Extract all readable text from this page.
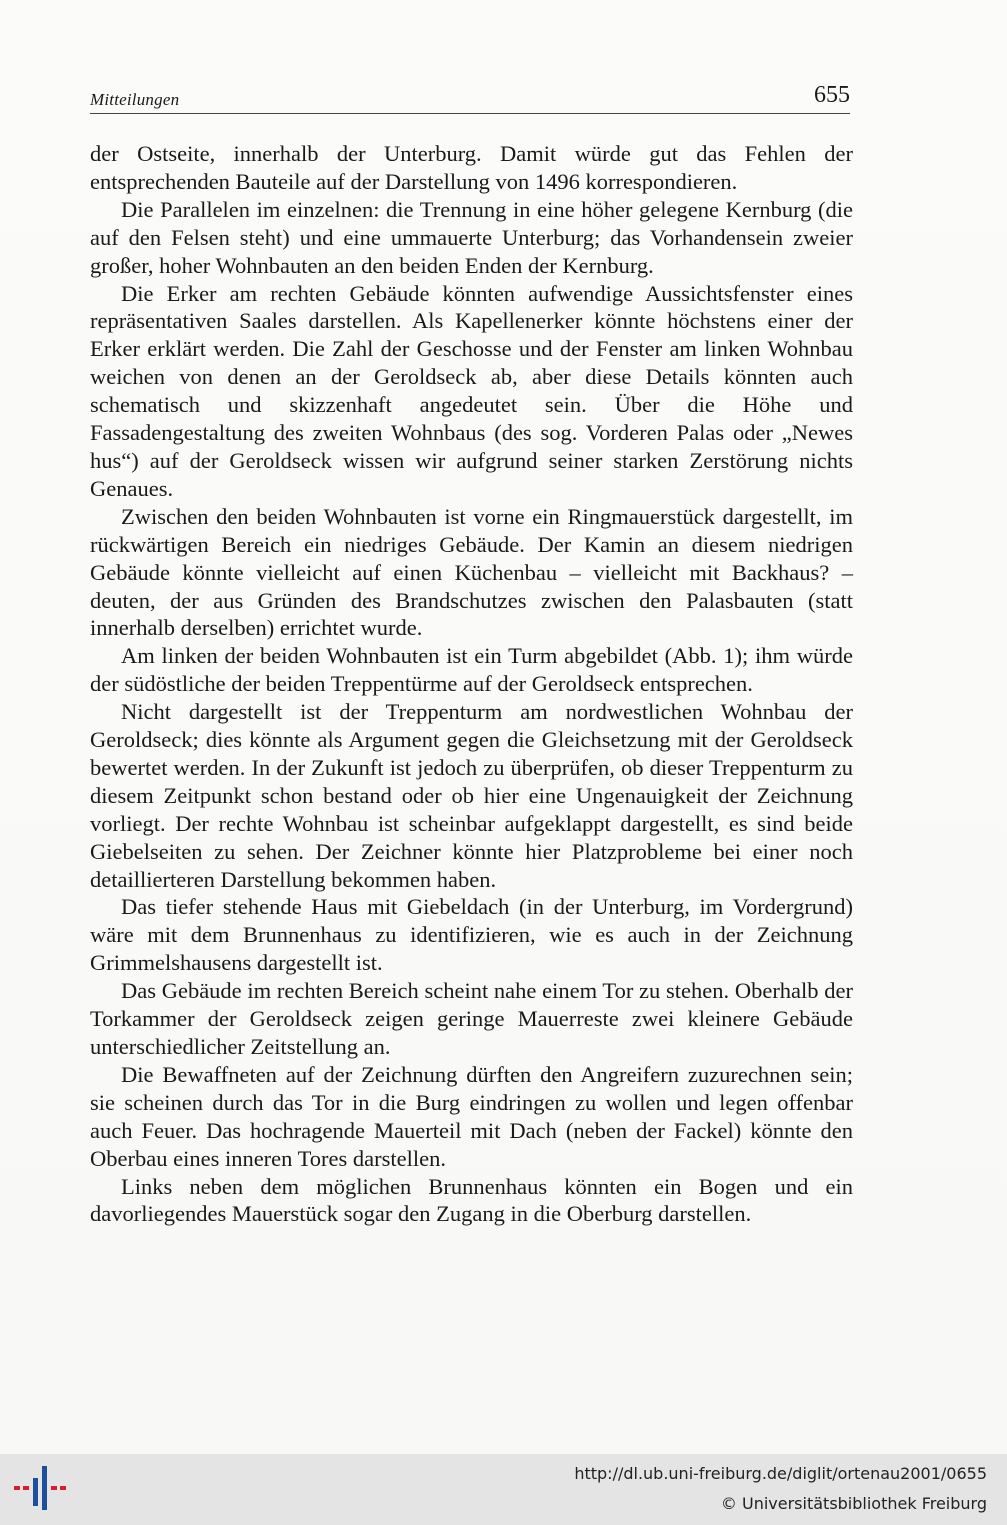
Mitteilungen	655

der Ostseite, innerhalb der Unterburg. Damit würde gut das Fehlen der entsprechenden Bauteile auf der Darstellung von 1496 korrespondieren.

Die Parallelen im einzelnen: die Trennung in eine höher gelegene Kernburg (die auf den Felsen steht) und eine ummauerte Unterburg; das Vorhandensein zweier großer, hoher Wohnbauten an den beiden Enden der Kernburg.

Die Erker am rechten Gebäude könnten aufwendige Aussichtsfenster eines repräsentativen Saales darstellen. Als Kapellenerker könnte höchstens einer der Erker erklärt werden. Die Zahl der Geschosse und der Fenster am linken Wohnbau weichen von denen an der Geroldseck ab, aber diese Details könnten auch schematisch und skizzenhaft angedeutet sein. Über die Höhe und Fassadengestaltung des zweiten Wohnbaus (des sog. Vorderen Palas oder „Newes hus“) auf der Geroldseck wissen wir aufgrund seiner starken Zerstörung nichts Genaues.

Zwischen den beiden Wohnbauten ist vorne ein Ringmauerstück dargestellt, im rückwärtigen Bereich ein niedriges Gebäude. Der Kamin an diesem niedrigen Gebäude könnte vielleicht auf einen Küchenbau – vielleicht mit Backhaus? – deuten, der aus Gründen des Brandschutzes zwischen den Palasbauten (statt innerhalb derselben) errichtet wurde.

Am linken der beiden Wohnbauten ist ein Turm abgebildet (Abb. 1); ihm würde der südöstliche der beiden Treppentürme auf der Geroldseck entsprechen.

Nicht dargestellt ist der Treppenturm am nordwestlichen Wohnbau der Geroldseck; dies könnte als Argument gegen die Gleichsetzung mit der Geroldseck bewertet werden. In der Zukunft ist jedoch zu überprüfen, ob dieser Treppenturm zu diesem Zeitpunkt schon bestand oder ob hier eine Ungenauigkeit der Zeichnung vorliegt. Der rechte Wohnbau ist scheinbar aufgeklappt dargestellt, es sind beide Giebelseiten zu sehen. Der Zeichner könnte hier Platzprobleme bei einer noch detaillierteren Darstellung bekommen haben.

Das tiefer stehende Haus mit Giebeldach (in der Unterburg, im Vordergrund) wäre mit dem Brunnenhaus zu identifizieren, wie es auch in der Zeichnung Grimmelshausens dargestellt ist.

Das Gebäude im rechten Bereich scheint nahe einem Tor zu stehen. Oberhalb der Torkammer der Geroldseck zeigen geringe Mauerreste zwei kleinere Gebäude unterschiedlicher Zeitstellung an.

Die Bewaffneten auf der Zeichnung dürften den Angreifern zuzurechnen sein; sie scheinen durch das Tor in die Burg eindringen zu wollen und legen offenbar auch Feuer. Das hochragende Mauerteil mit Dach (neben der Fackel) könnte den Oberbau eines inneren Tores darstellen.

Links neben dem möglichen Brunnenhaus könnten ein Bogen und ein davorliegendes Mauerstück sogar den Zugang in die Oberburg darstellen.

http://dl.ub.uni-freiburg.de/diglit/ortenau2001/0655
© Universitätsbibliothek Freiburg
